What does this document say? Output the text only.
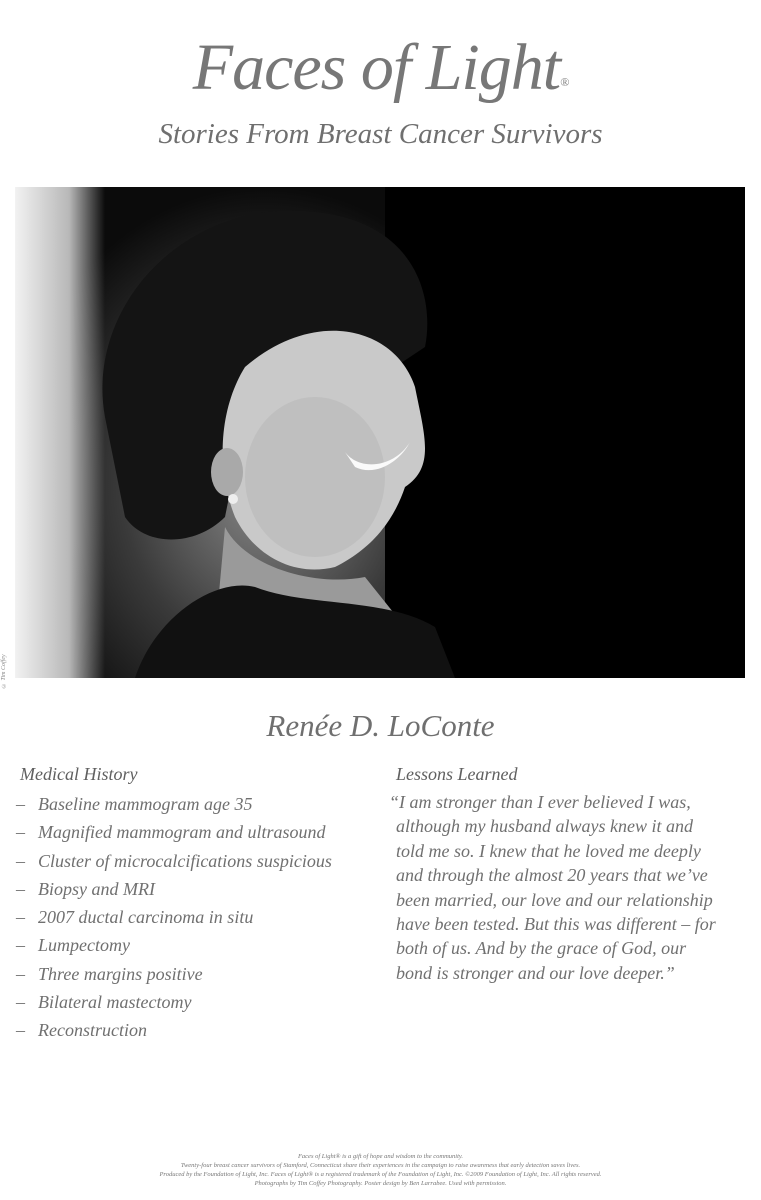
Faces of Light®
Stories From Breast Cancer Survivors
© Tim Coffey
Renée D. LoConte
Medical History
– Baseline mammogram age 35
– Magnified mammogram and ultrasound
– Cluster of microcalcifications suspicious
– Biopsy and MRI
– 2007 ductal carcinoma in situ
– Lumpectomy
– Three margins positive
– Bilateral mastectomy
– Reconstruction
Lessons Learned
“I am stronger than I ever believed I was,
although my husband always knew it and
told me so. I knew that he loved me deeply
and through the almost 20 years that we’ve
been married, our love and our relationship
have been tested. But this was different – for
both of us. And by the grace of God, our
bond is stronger and our love deeper.”
Faces of Light® is a gift of hope and wisdom to the community.
Twenty-four breast cancer survivors of Stamford, Connecticut share their experiences in the campaign to raise awareness that early detection saves lives.
Produced by the Foundation of Light, Inc. Faces of Light® is a registered trademark of the Foundation of Light, Inc. ©2009 Foundation of Light, Inc. All rights reserved.
Photographs by Tim Coffey Photography. Poster design by Ben Larrabee. Used with permission.
